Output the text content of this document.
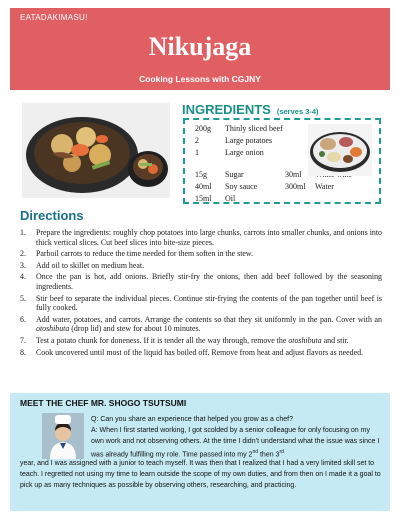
EATADAKIMASU!
Nikujaga
Cooking Lessons with CGJNY
INGREDIENTS (serves 3-4)
200g Thinly sliced beef
2	Large potatoes
1	Large onion
15g Sugar	30ml
40ml Soy sauce	300ml Water
15ml Oil
Directions
1. Prepare the ingredients: roughly chop potatoes into large chunks, carrots into smaller chunks, and onions into thick vertical slices. Cut beef slices into bite-size pieces.
2. Parboil carrots to reduce the time needed for them soften in the stew.
3. Add oil to skillet on medium heat.
4. Once the pan is hot, add onions. Briefly stir-fry the onions, then add beef followed by the seasoning ingredients.
5. Stir beef to separate the individual pieces. Continue stir-frying the contents of the pan together until beef is fully cooked.
6. Add water, potatoes, and carrots. Arrange the contents so that they sit uniformly in the pan. Cover with an otoshibuta (drop lid) and stew for about 10 minutes.
7. Test a potato chunk for doneness. If it is tender all the way through, remove the otoshibuta and stir.
8. Cook uncovered until most of the liquid has boiled off. Remove from heat and adjust flavors as needed.
MEET THE CHEF MR. SHOGO TSUTSUMI
Q: Can you share an experience that helped you grow as a chef?
A: When I first started working, I got scolded by a senior colleague for only focusing on my own work and not observing others. At the time I didn’t understand what the issue was since I was already fulfilling my role. Time passed into my 2nd then 3rd
year, and I was assigned with a junior to teach myself. It was then that I realized that I had a very limited skill set to teach. I regretted not using my time to learn outside the scope of my own duties, and from then on I made it a goal to pick up as many techniques as possible by observing others, researching, and practicing.
